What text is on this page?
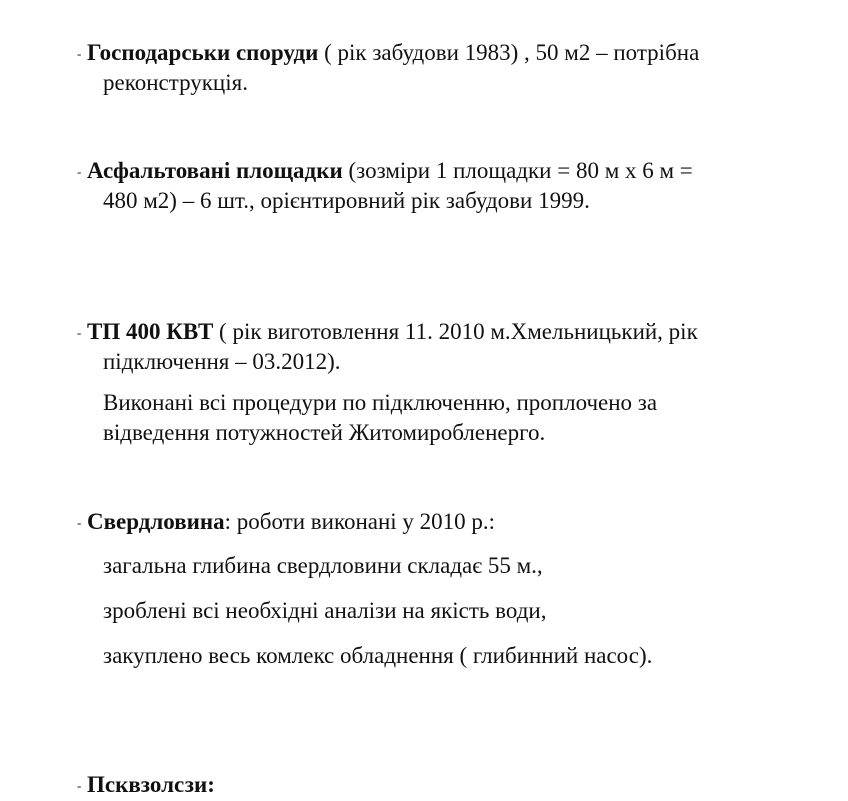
- Господарськи споруди ( рік забудови 1983) , 50 м2 – потрібна
реконструкція.
- Асфальтовані площадки (зозміри 1 площадки = 80 м х 6 м =
480 м2) – 6 шт., орієнтировний рік забудови 1999.
- ТП 400 КВТ ( рік виготовлення 11. 2010 м.Хмельницький, рік
підключення – 03.2012).
Виконані всі процедури по підключенню, проплочено за
відведення потужностей Житомиробленерго.
- Свердловина: роботи виконані у 2010 р.:
загальна глибина свердловини складає 55 м.,
зроблені всі необхідні аналізи на якість води,
закуплено весь комлекс обладнення ( глибинний насос).
- Псквзолсзи:
